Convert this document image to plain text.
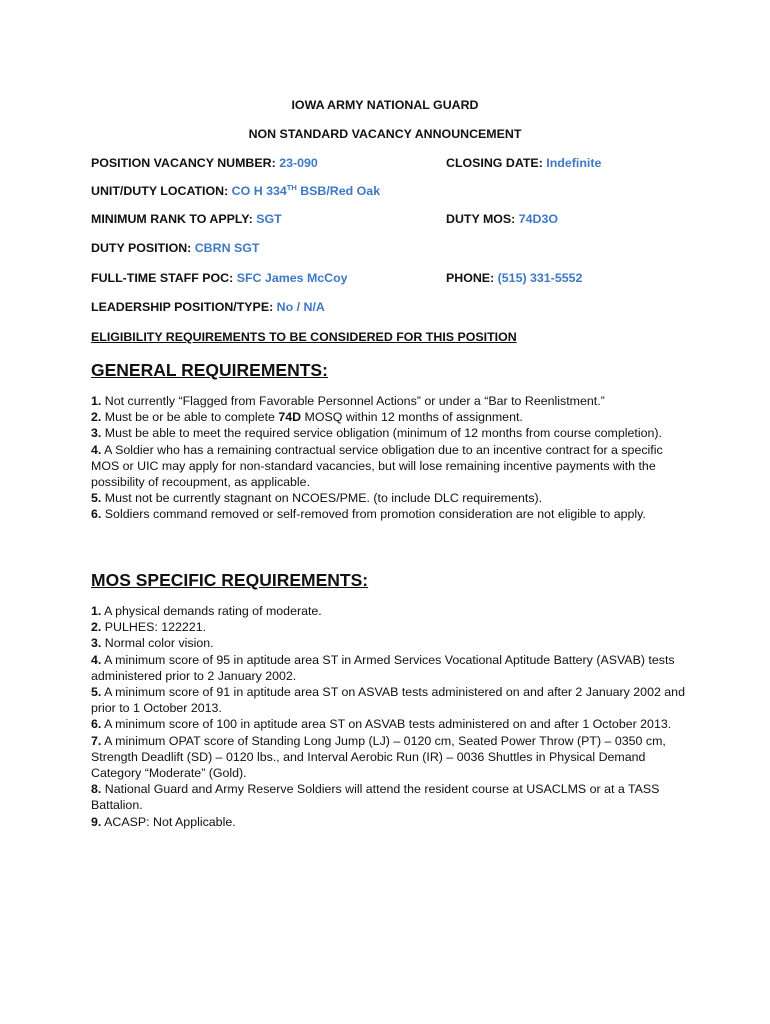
IOWA ARMY NATIONAL GUARD
NON STANDARD VACANCY ANNOUNCEMENT
POSITION VACANCY NUMBER: 23-090	CLOSING DATE: Indefinite
UNIT/DUTY LOCATION: CO H 334TH BSB/Red Oak
MINIMUM RANK TO APPLY: SGT	DUTY MOS: 74D3O
DUTY POSITION: CBRN SGT
FULL-TIME STAFF POC: SFC James McCoy	PHONE: (515) 331-5552
LEADERSHIP POSITION/TYPE: No / N/A
ELIGIBILITY REQUIREMENTS TO BE CONSIDERED FOR THIS POSITION
GENERAL REQUIREMENTS:

1. Not currently “Flagged from Favorable Personnel Actions” or under a “Bar to Reenlistment.”

2. Must be or be able to complete 74D MOSQ within 12 months of assignment.

3. Must be able to meet the required service obligation (minimum of 12 months from course completion).

4. A Soldier who has a remaining contractual service obligation due to an incentive contract for a specific MOS or UIC may apply for non-standard vacancies, but will lose remaining incentive payments with the possibility of recoupment, as applicable.

5. Must not be currently stagnant on NCOES/PME. (to include DLC requirements).

6. Soldiers command removed or self-removed from promotion consideration are not eligible to apply.

MOS SPECIFIC REQUIREMENTS:

1. A physical demands rating of moderate.

2. PULHES: 122221.

3. Normal color vision.

4. A minimum score of 95 in aptitude area ST in Armed Services Vocational Aptitude Battery (ASVAB) tests administered prior to 2 January 2002.

5. A minimum score of 91 in aptitude area ST on ASVAB tests administered on and after 2 January 2002 and prior to 1 October 2013.

6. A minimum score of 100 in aptitude area ST on ASVAB tests administered on and after 1 October 2013.

7. A minimum OPAT score of Standing Long Jump (LJ) – 0120 cm, Seated Power Throw (PT) – 0350 cm, Strength Deadlift (SD) – 0120 lbs., and Interval Aerobic Run (IR) – 0036 Shuttles in Physical Demand Category “Moderate” (Gold).

8. National Guard and Army Reserve Soldiers will attend the resident course at USACLMS or at a TASS Battalion.

9. ACASP: Not Applicable.
